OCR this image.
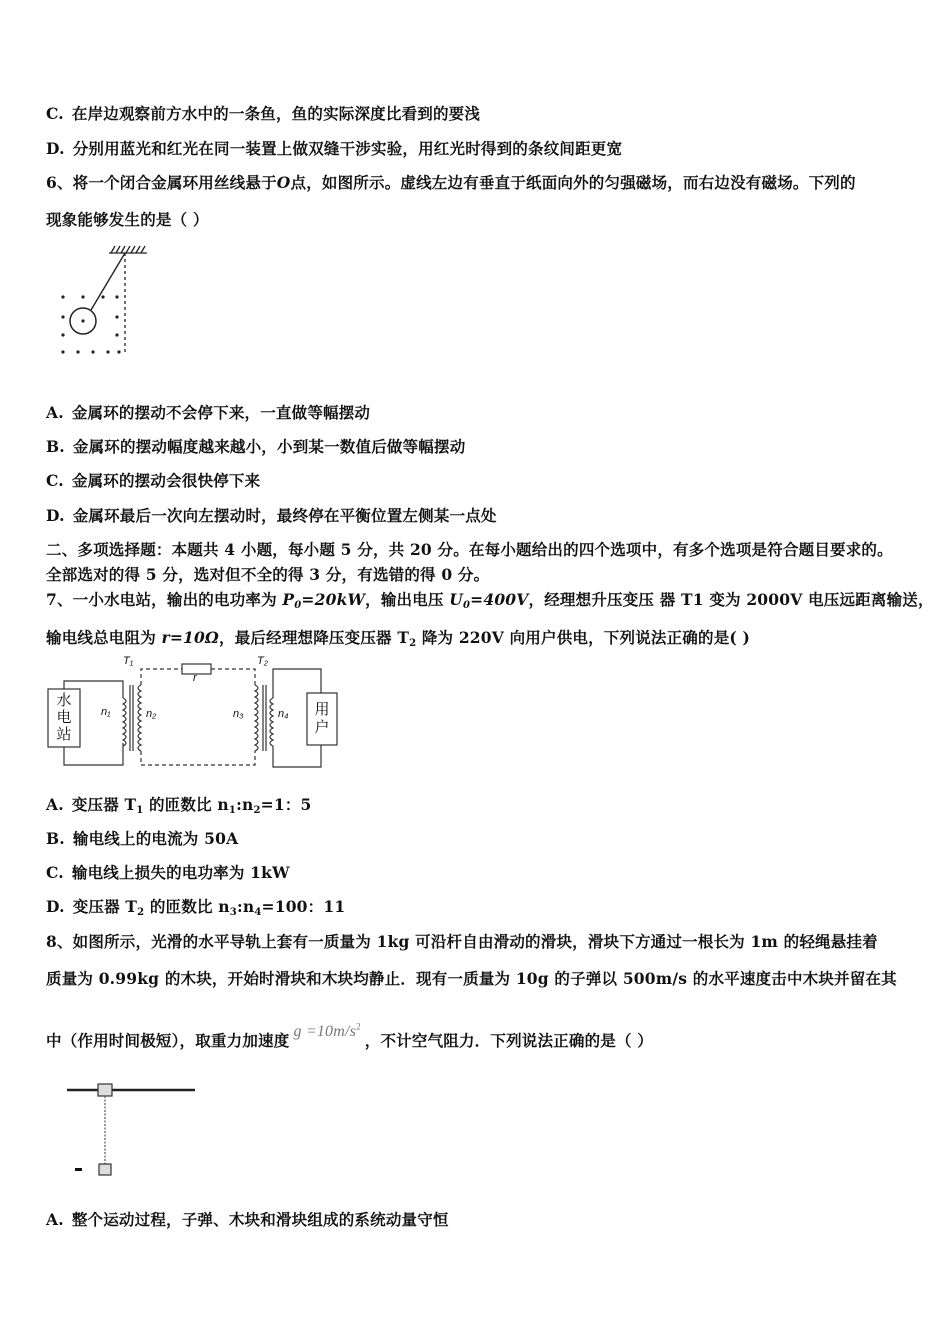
C. 在岸边观察前方水中的一条鱼，鱼的实际深度比看到的要浅
D. 分别用蓝光和红光在同一装置上做双缝干涉实验，用红光时得到的条纹间距更宽
6、将一个闭合金属环用丝线悬于O点，如图所示。虚线左边有垂直于纸面向外的匀强磁场，而右边没有磁场。下列的
现象能够发生的是（ ）
A. 金属环的摆动不会停下来，一直做等幅摆动
B. 金属环的摆动幅度越来越小，小到某一数值后做等幅摆动
C. 金属环的摆动会很快停下来
D. 金属环最后一次向左摆动时，最终停在平衡位置左侧某一点处
二、多项选择题：本题共 4 小题，每小题 5 分，共 20 分。在每小题给出的四个选项中，有多个选项是符合题目要求的。
全部选对的得 5 分，选对但不全的得 3 分，有选错的得 0 分。
7、一小水电站，输出的电功率为 $P_0=20kW$，输出电压 $U_0=400V$，经理想升压变压 器 T1 变为 2000V 电压远距离输送，
输电线总电阻为 r=10Ω，最后经理想降压变压器 $T_2$ 降为 220V 向用户供电，下列说法正确的是( )
水电站
用户
T₁	T₂
r
n₁	n₂	n₃	n₄
A. 变压器 $T_1$ 的匝数比 $n_1:n_2=1$：5
B. 输电线上的电流为 50A
C. 输电线上损失的电功率为 1kW
D. 变压器 $T_2$ 的匝数比 $n_3:n_4=100$：11
8、如图所示，光滑的水平导轨上套有一质量为 1kg 可沿杆自由滑动的滑块，滑块下方通过一根长为 1m 的轻绳悬挂着
质量为 0.99kg 的木块，开始时滑块和木块均静止．现有一质量为 10g 的子弹以 500m/s 的水平速度击中木块并留在其
中（作用时间极短），取重力加速度 $g =10m/s^2$，不计空气阻力．下列说法正确的是（ ）
A. 整个运动过程，子弹、木块和滑块组成的系统动量守恒
